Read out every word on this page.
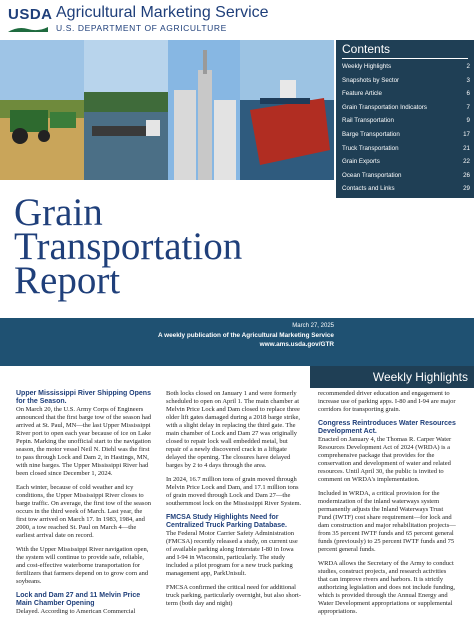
USDA Agricultural Marketing Service
U.S. DEPARTMENT OF AGRICULTURE
Contents
Weekly Highlights	2
Snapshots by Sector	3
Feature Article	6
Grain Transportation Indicators	7
Rail Transportation	9
Barge Transportation	17
Truck Transportation	21
Grain Exports	22
Ocean Transportation	26
Contacts and Links	29
Grain
Transportation
Report
March 27, 2025
A weekly publication of the Agricultural Marketing Service
www.ams.usda.gov/GTR
Weekly Highlights
Upper Mississippi River Shipping Opens for the Season.

On March 20, the U.S. Army Corps of Engineers announced that the first barge tow of the season had arrived at St. Paul, MN—the last Upper Mississippi River port to open each year because of ice on Lake Pepin. Marking the unofficial start to the navigation season, the motor vessel Neil N. Diehl was the first to pass through Lock and Dam 2, in Hastings, MN, with nine barges. The Upper Mississippi River had been closed since December 1, 2024.

Each winter, because of cold weather and icy conditions, the Upper Mississippi River closes to barge traffic. On average, the first tow of the season occurs in the third week of March. Last year, the first tow arrived on March 17. In 1983, 1984, and 2000, a tow reached St. Paul on March 4—the earliest arrival date on record.

With the Upper Mississippi River navigation open, the system will continue to provide safe, reliable, and cost-effective waterborne transportation for fertilizers that farmers depend on to grow corn and soybeans.

Lock and Dam 27 and 11 Melvin Price Main Chamber Opening

Delayed. According to American Commercial

Both locks closed on January 1 and were formerly scheduled to open on April 1. The main chamber at Melvin Price Lock and Dam closed to replace three older lift gates damaged during a 2018 barge strike, with a slight delay in replacing the third gate. The main chamber of Lock and Dam 27 was originally closed to repair lock wall embedded metal, but repair of a newly discovered crack in a liftgate delayed the opening. The closures have delayed barges by 2 to 4 days through the area.

In 2024, 16.7 million tons of grain moved through Melvin Price Lock and Dam, and 17.1 million tons of grain moved through Lock and Dam 27—the southernmost lock on the Mississippi River System.

FMCSA Study Highlights Need for Centralized Truck Parking Database.

The Federal Motor Carrier Safety Administration (FMCSA) recently released a study, on current use of available parking along Interstate I-80 in Iowa and I-94 in Wisconsin, particularly. The study included a pilot program for a new truck parking management app, ParkUnisult.

FMCSA confirmed the critical need for additional truck parking, particularly overnight, but also short-term (both day and night)

recommended driver education and engagement to increase use of parking apps. I-80 and I-94 are major corridors for transporting grain.

Congress Reintroduces Water Resources Development Act.

Enacted on January 4, the Thomas R. Carper Water Resources Development Act of 2024 (WRDA) is a comprehensive package that provides for the conservation and development of water and related resources. Until April 30, the public is invited to comment on WRDA's implementation.

Included in WRDA, a critical provision for the modernization of the inland waterways system permanently adjusts the Inland Waterways Trust Fund (IWTF) cost share requirement—for lock and dam construction and major rehabilitation projects—from 35 percent IWTF funds and 65 percent general funds (previously) to 25 percent IWTF funds and 75 percent general funds.

WRDA allows the Secretary of the Army to conduct studies, construct projects, and research activities that can improve rivers and harbors. It is strictly authorizing legislation and does not include funding, which is provided through the Annual Energy and Water Development appropriations or supplemental appropriations.
